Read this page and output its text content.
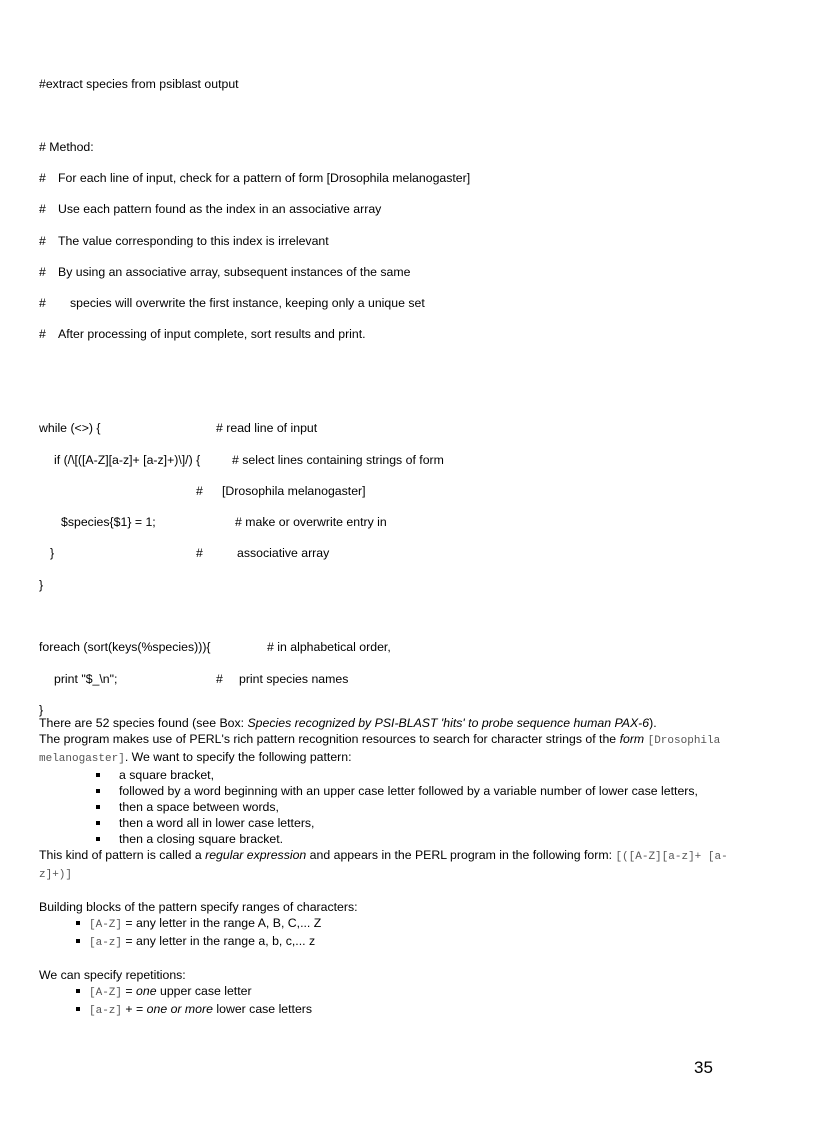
#extract species from psiblast output
# Method:
# For each line of input, check for a pattern of form [Drosophila melanogaster]
# Use each pattern found as the index in an associative array
# The value corresponding to this index is irrelevant
# By using an associative array, subsequent instances of the same
# species will overwrite the first instance, keeping only a unique set
# After processing of input complete, sort results and print.
while (<>) {	# read line of input
if (/\[([A-Z][a-z]+ [a-z]+)\]/) {	# select lines containing strings of form
# [Drosophila melanogaster]
$species{$1} = 1;	# make or overwrite entry in
}	#	associative array
}
foreach (sort(keys(%species))){	# in alphabetical order,
print "$_\n";	# print species names
}

There are 52 species found (see Box: Species recognized by PSI-BLAST 'hits' to probe sequence human PAX-6).

The program makes use of PERL's rich pattern recognition resources to search for character strings of the form [Drosophila melanogaster]. We want to specify the following pattern:

a square bracket,
followed by a word beginning with an upper case letter followed by a variable number of lower case letters,
then a space between words,
then a word all in lower case letters,
then a closing square bracket.

This kind of pattern is called a regular expression and appears in the PERL program in the following form: [([A-Z][a-z]+ [a-z]+)]

Building blocks of the pattern specify ranges of characters:

[A-Z] = any letter in the range A, B, C,... Z
[a-z] = any letter in the range a, b, c,... z

We can specify repetitions:

[A-Z] = one upper case letter
[a-z] + = one or more lower case letters
35
